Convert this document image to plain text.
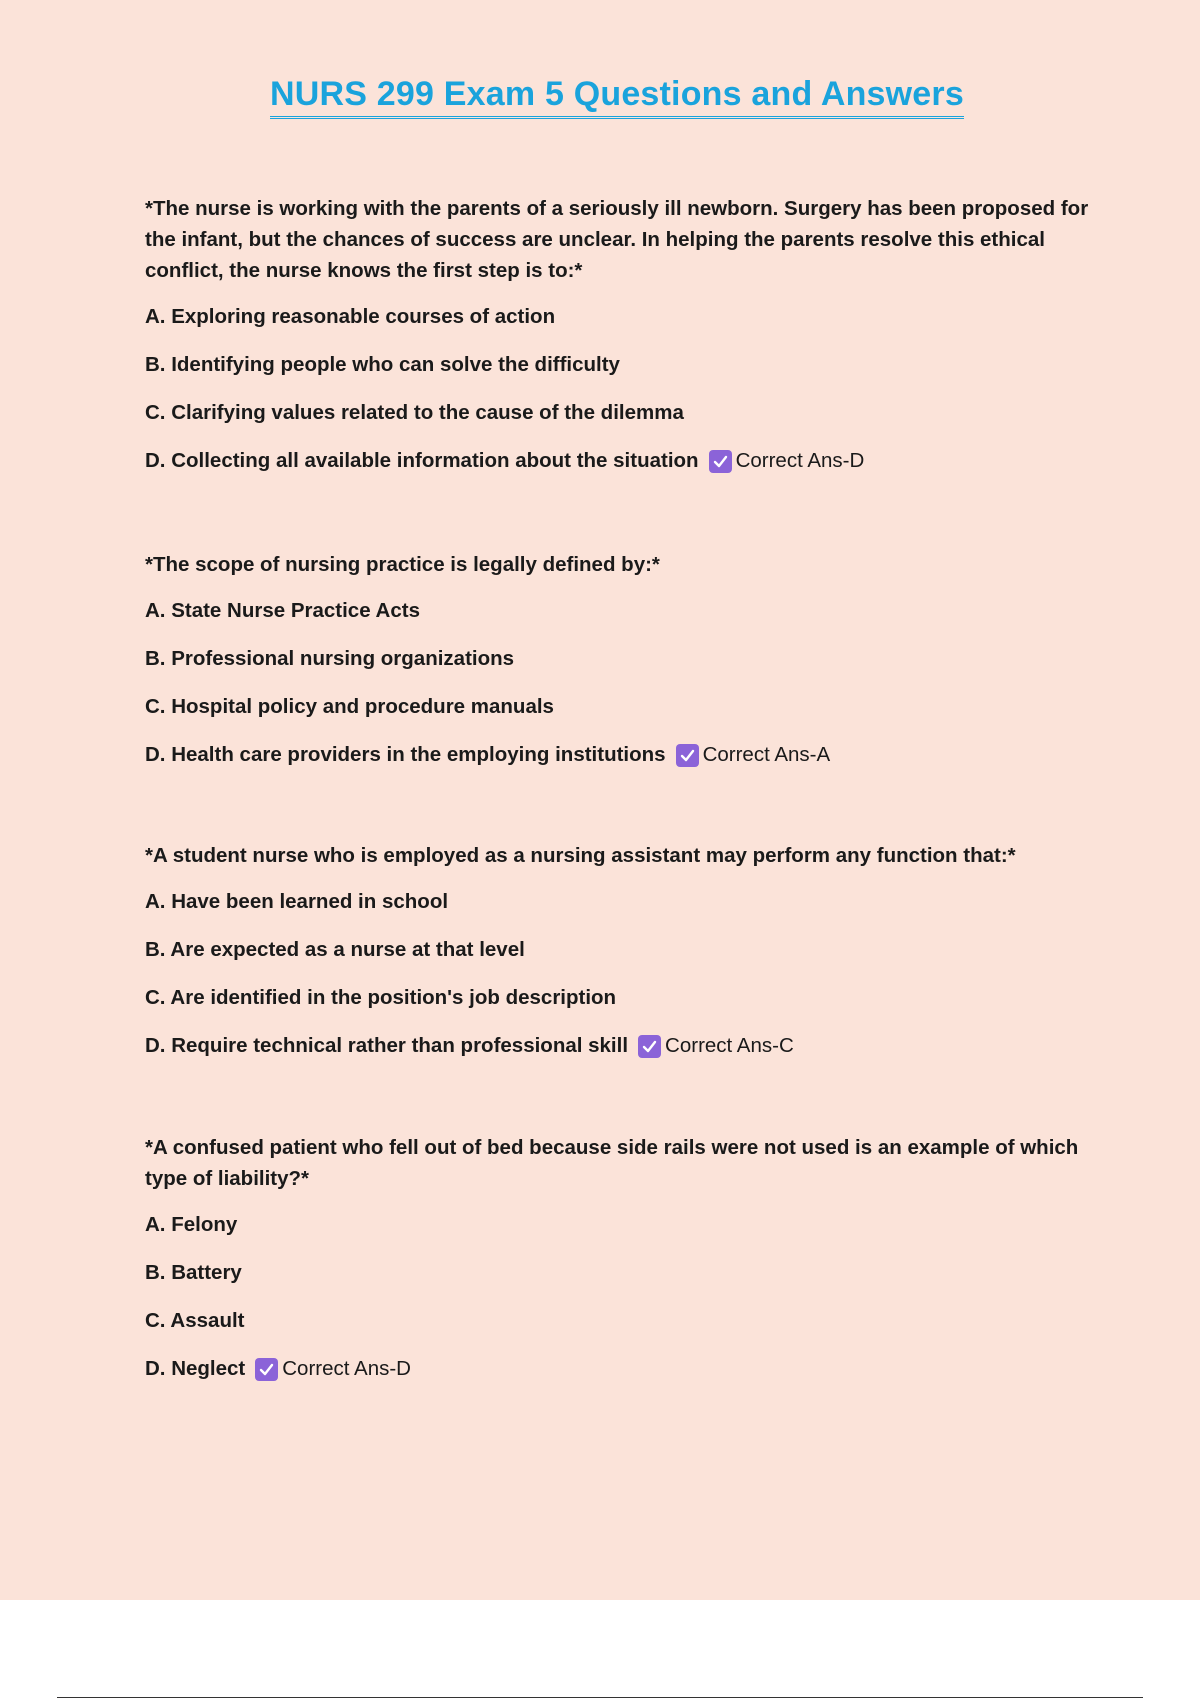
NURS 299 Exam 5 Questions and Answers

*The nurse is working with the parents of a seriously ill newborn. Surgery has been proposed for the infant, but the chances of success are unclear. In helping the parents resolve this ethical conflict, the nurse knows the first step is to:*

A. Exploring reasonable courses of action
B. Identifying people who can solve the difficulty
C. Clarifying values related to the cause of the dilemma
D. Collecting all available information about the situation Correct Ans-D

*The scope of nursing practice is legally defined by:*

A. State Nurse Practice Acts
B. Professional nursing organizations
C. Hospital policy and procedure manuals
D. Health care providers in the employing institutions Correct Ans-A

*A student nurse who is employed as a nursing assistant may perform any function that:*

A. Have been learned in school
B. Are expected as a nurse at that level
C. Are identified in the position's job description
D. Require technical rather than professional skill Correct Ans-C

*A confused patient who fell out of bed because side rails were not used is an example of which type of liability?*

A. Felony
B. Battery
C. Assault
D. Neglect Correct Ans-D
